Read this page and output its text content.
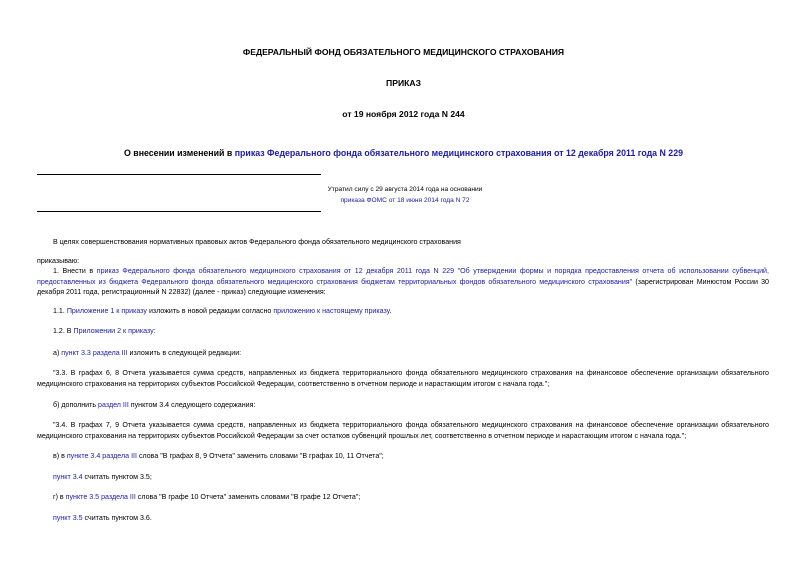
ФЕДЕРАЛЬНЫЙ ФОНД ОБЯЗАТЕЛЬНОГО МЕДИЦИНСКОГО СТРАХОВАНИЯ
ПРИКАЗ
от 19 ноября 2012 года N 244
О внесении изменений в приказ Федерального фонда обязательного медицинского страхования от 12 декабря 2011 года N 229
Утратил силу с 29 августа 2014 года на основании
приказа ФОМС от 18 июня 2014 года N 72
В целях совершенствования нормативных правовых актов Федерального фонда обязательного медицинского страхования
приказываю:
1. Внести в приказ Федерального фонда обязательного медицинского страхования от 12 декабря 2011 года N 229 "Об утверждении формы и порядка предоставления отчета об использовании субвенций, предоставленных из бюджета Федерального фонда обязательного медицинского страхования бюджетам территориальных фондов обязательного медицинского страхования" (зарегистрирован Минюстом России 30 декабря 2011 года, регистрационный N 22832) (далее - приказ) следующие изменения:
1.1. Приложение 1 к приказу изложить в новой редакции согласно приложению к настоящему приказу.
1.2. В Приложении 2 к приказу:
а) пункт 3.3 раздела III изложить в следующей редакции:
"3.3. В графах 6, 8 Отчета указывается сумма средств, направленных из бюджета территориального фонда обязательного медицинского страхования на финансовое обеспечение организации обязательного медицинского страхования на территориях субъектов Российской Федерации, соответственно в отчетном периоде и нарастающим итогом с начала года.";
б) дополнить раздел III пунктом 3.4 следующего содержания:
"3.4. В графах 7, 9 Отчета указывается сумма средств, направленных из бюджета территориального фонда обязательного медицинского страхования на финансовое обеспечение организации обязательного медицинского страхования на территориях субъектов Российской Федерации за счет остатков субвенций прошлых лет, соответственно в отчетном периоде и нарастающим итогом с начала года.";
в) в пункте 3.4 раздела III слова "В графах 8, 9 Отчета" заменить словами "В графах 10, 11 Отчета";
пункт 3.4 считать пунктом 3.5;
г) в пункте 3.5 раздела III слова "В графе 10 Отчета" заменить словами "В графе 12 Отчета";
пункт 3.5 считать пунктом 3.6.
